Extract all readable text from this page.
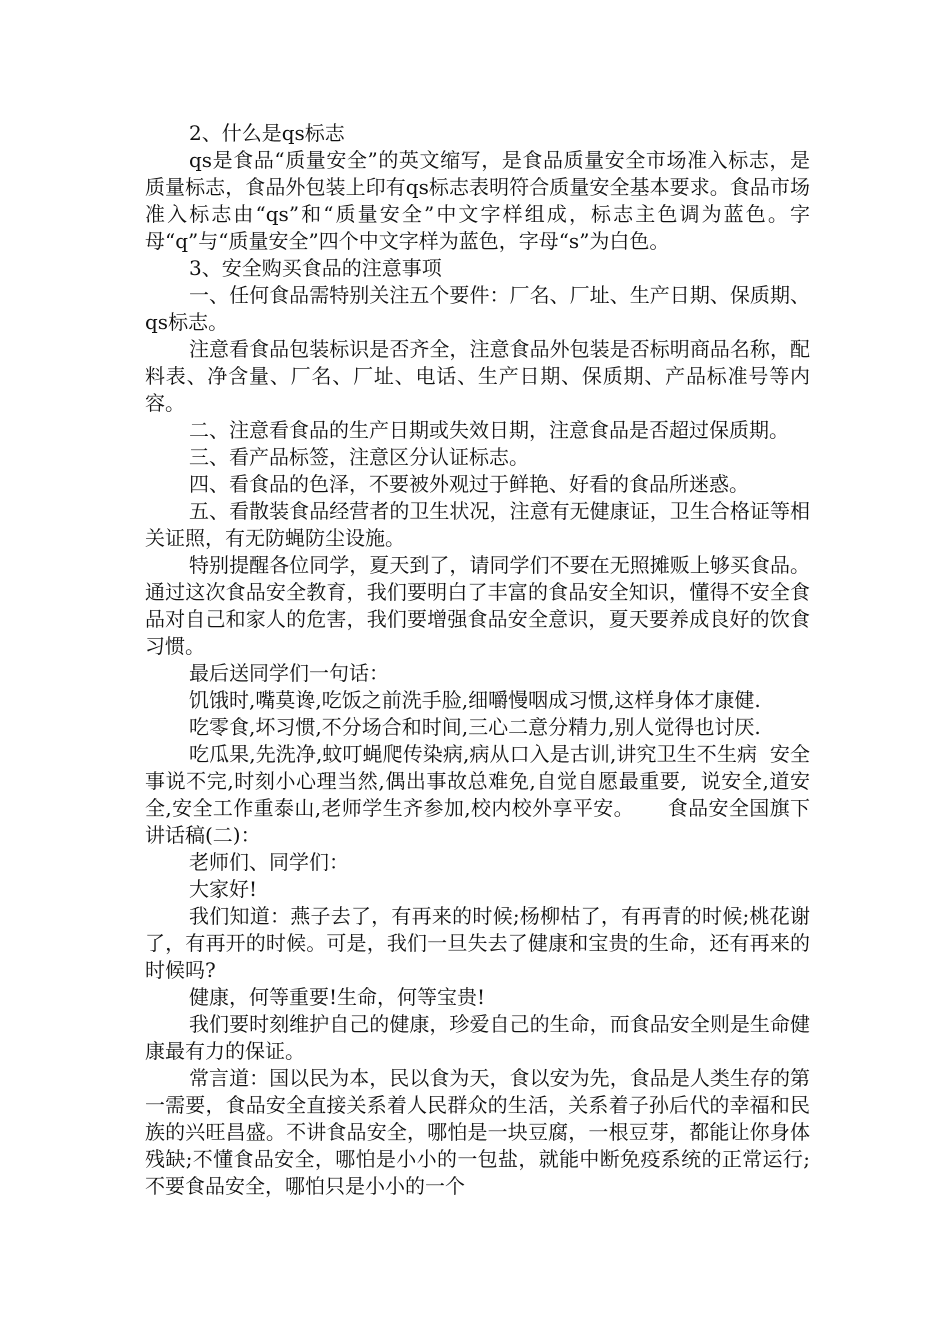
2、什么是qs标志

qs是食品“质量安全”的英文缩写，是食品质量安全市场准入标志，是质量标志，食品外包装上印有qs标志表明符合质量安全基本要求。食品市场准入标志由“qs”和“质量安全”中文字样组成，标志主色调为蓝色。字母“q”与“质量安全”四个中文字样为蓝色，字母“s”为白色。

3、安全购买食品的注意事项

一、任何食品需特别关注五个要件：厂名、厂址、生产日期、保质期、qs标志。

注意看食品包装标识是否齐全，注意食品外包装是否标明商品名称，配料表、净含量、厂名、厂址、电话、生产日期、保质期、产品标准号等内容。

二、注意看食品的生产日期或失效日期，注意食品是否超过保质期。

三、看产品标签，注意区分认证标志。

四、看食品的色泽，不要被外观过于鲜艳、好看的食品所迷惑。

五、看散装食品经营者的卫生状况，注意有无健康证，卫生合格证等相关证照，有无防蝇防尘设施。

特别提醒各位同学，夏天到了，请同学们不要在无照摊贩上够买食品。通过这次食品安全教育，我们要明白了丰富的食品安全知识，懂得不安全食品对自己和家人的危害，我们要增强食品安全意识，夏天要养成良好的饮食习惯。

最后送同学们一句话：

饥饿时,嘴莫谗,吃饭之前洗手脸,细嚼慢咽成习惯,这样身体才康健.

吃零食,坏习惯,不分场合和时间,三心二意分精力,别人觉得也讨厌.

吃瓜果,先洗净,蚊叮蝇爬传染病,病从口入是古训,讲究卫生不生病  安全事说不完,时刻小心理当然,偶出事故总难免,自觉自愿最重要,  说安全,道安全,安全工作重泰山,老师学生齐参加,校内校外享平安。     食品安全国旗下讲话稿(二)：

老师们、同学们：

大家好!

我们知道：燕子去了，有再来的时候;杨柳枯了，有再青的时候;桃花谢了，有再开的时候。可是，我们一旦失去了健康和宝贵的生命，还有再来的时候吗?

健康，何等重要!生命，何等宝贵!

我们要时刻维护自己的健康，珍爱自己的生命，而食品安全则是生命健康最有力的保证。

常言道：国以民为本，民以食为天，食以安为先，食品是人类生存的第一需要，食品安全直接关系着人民群众的生活，关系着子孙后代的幸福和民族的兴旺昌盛。不讲食品安全，哪怕是一块豆腐，一根豆芽，都能让你身体残缺;不懂食品安全，哪怕是小小的一包盐，就能中断免疫系统的正常运行;不要食品安全，哪怕只是小小的一个
